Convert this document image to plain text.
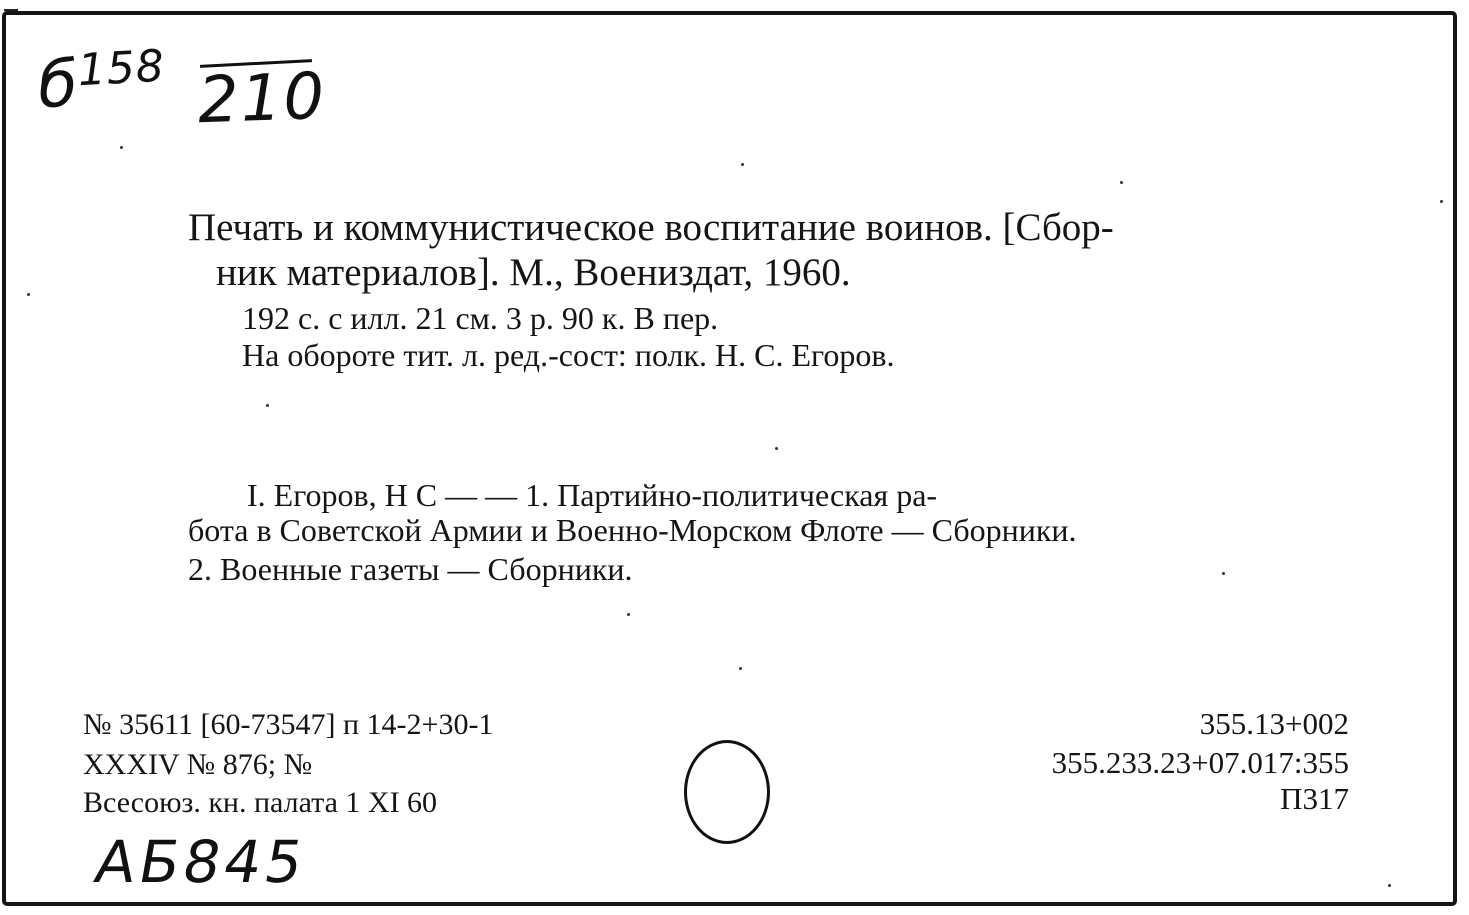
$б^{158}$ 210
Печать и коммунистическое воспитание воинов. [Сбор-
ник материалов]. М., Воениздат, 1960.
192 с. с илл. 21 см. 3 р. 90 к. В пер.
На обороте тит. л. ред.-сост: полк. Н. С. Егоров.
I. Егоров, Н С — — 1. Партийно-политическая ра-
бота в Советской Армии и Военно-Морском Флоте — Сборники.
2. Военные газеты — Сборники.
№ 35611 [60-73547] п 14-2+30-1
XXXIV № 876; №
Всесоюз. кн. палата 1 XI 60
355.13+002
355.233.23+07.017:355
П317
АБ845
